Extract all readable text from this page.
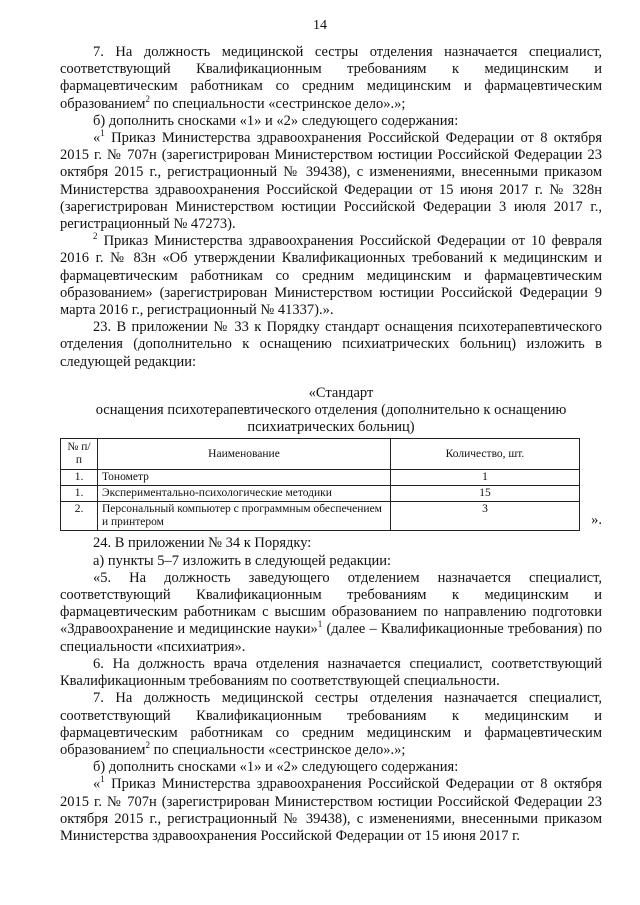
14

7. На должность медицинской сестры отделения назначается специалист, соответствующий Квалификационным требованиям к медицинским и фармацевтическим работникам со средним медицинским и фармацевтическим образованием$^2$ по специальности «сестринское дело».»;

б) дополнить сносками «1» и «2» следующего содержания:

«$^1$ Приказ Министерства здравоохранения Российской Федерации от 8 октября 2015 г. № 707н (зарегистрирован Министерством юстиции Российской Федерации 23 октября 2015 г., регистрационный № 39438), с изменениями, внесенными приказом Министерства здравоохранения Российской Федерации от 15 июня 2017 г. № 328н (зарегистрирован Министерством юстиции Российской Федерации 3 июля 2017 г., регистрационный № 47273).

$^2$ Приказ Министерства здравоохранения Российской Федерации от 10 февраля 2016 г. № 83н «Об утверждении Квалификационных требований к медицинским и фармацевтическим работникам со средним медицинским и фармацевтическим образованием» (зарегистрирован Министерством юстиции Российской Федерации 9 марта 2016 г., регистрационный № 41337).».

23. В приложении № 33 к Порядку стандарт оснащения психотерапевтического отделения (дополнительно к оснащению психиатрических больниц) изложить в следующей редакции:

«Стандарт
оснащения психотерапевтического отделения (дополнительно к оснащению психиатрических больниц)
№ п/п	Наименование	Количество, шт.
1.	Тонометр	1
1.	Экспериментально-психологические методики	15
2.	Персональный компьютер с программным обеспечением и принтером	3
».

24. В приложении № 34 к Порядку:

а) пункты 5–7 изложить в следующей редакции:

«5. На должность заведующего отделением назначается специалист, соответствующий Квалификационным требованиям к медицинским и фармацевтическим работникам с высшим образованием по направлению подготовки «Здравоохранение и медицинские науки»$^1$ (далее – Квалификационные требования) по специальности «психиатрия».

6. На должность врача отделения назначается специалист, соответствующий Квалификационным требованиям по соответствующей специальности.

7. На должность медицинской сестры отделения назначается специалист, соответствующий Квалификационным требованиям к медицинским и фармацевтическим работникам со средним медицинским и фармацевтическим образованием$^2$ по специальности «сестринское дело».»;

б) дополнить сносками «1» и «2» следующего содержания:

«$^1$ Приказ Министерства здравоохранения Российской Федерации от 8 октября 2015 г. № 707н (зарегистрирован Министерством юстиции Российской Федерации 23 октября 2015 г., регистрационный № 39438), с изменениями, внесенными приказом Министерства здравоохранения Российской Федерации от 15 июня 2017 г.
